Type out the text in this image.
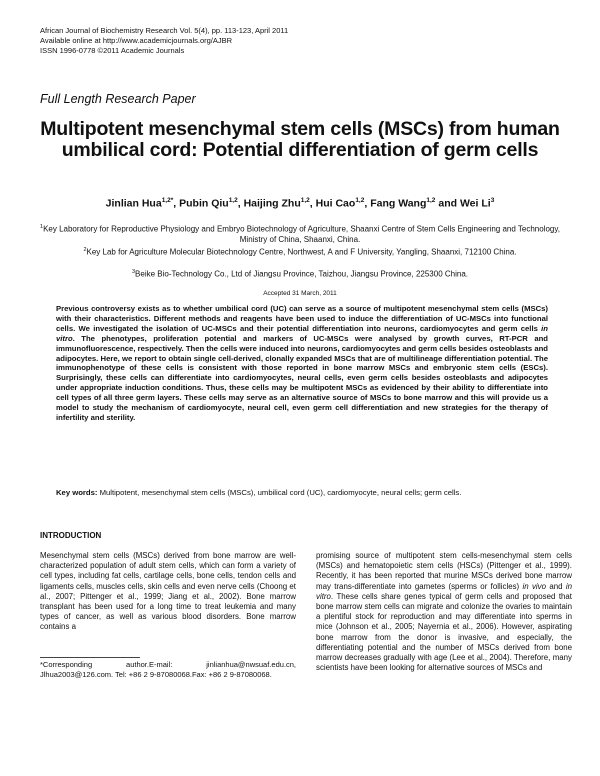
African Journal of Biochemistry Research Vol. 5(4), pp. 113-123, April 2011
Available online at http://www.academicjournals.org/AJBR
ISSN 1996-0778 ©2011 Academic Journals
Full Length Research Paper
Multipotent mesenchymal stem cells (MSCs) from human umbilical cord: Potential differentiation of germ cells
Jinlian Hua$^{1,2*}$, Pubin Qiu$^{1,2}$, Haijing Zhu$^{1,2}$, Hui Cao$^{1,2}$, Fang Wang$^{1,2}$ and Wei Li$^3$
$^1$Key Laboratory for Reproductive Physiology and Embryo Biotechnology of Agriculture, Shaanxi Centre of Stem Cells Engineering and Technology, Ministry of China, Shaanxi, China.
$^2$Key Lab for Agriculture Molecular Biotechnology Centre, Northwest, A and F University, Yangling, Shaanxi, 712100 China.
$^3$Beike Bio-Technology Co., Ltd of Jiangsu Province, Taizhou, Jiangsu Province, 225300 China.
Accepted 31 March, 2011
Previous controversy exists as to whether umbilical cord (UC) can serve as a source of multipotent mesenchymal stem cells (MSCs) with their characteristics. Different methods and reagents have been used to induce the differentiation of UC-MSCs into functional cells. We investigated the isolation of UC-MSCs and their potential differentiation into neurons, cardiomyocytes and germ cells in vitro. The phenotypes, proliferation potential and markers of UC-MSCs were analysed by growth curves, RT-PCR and immunofluorescence, respectively. Then the cells were induced into neurons, cardiomyocytes and germ cells besides osteoblasts and adipocytes. Here, we report to obtain single cell-derived, clonally expanded MSCs that are of multilineage differentiation potential. The immunophenotype of these cells is consistent with those reported in bone marrow MSCs and embryonic stem cells (ESCs). Surprisingly, these cells can differentiate into cardiomyocytes, neural cells, even germ cells besides osteoblasts and adipocytes under appropriate induction conditions. Thus, these cells may be multipotent MSCs as evidenced by their ability to differentiate into cell types of all three germ layers. These cells may serve as an alternative source of MSCs to bone marrow and this will provide us a model to study the mechanism of cardiomyocyte, neural cell, even germ cell differentiation and new strategies for the therapy of infertility and sterility.
Key words: Multipotent, mesenchymal stem cells (MSCs), umbilical cord (UC), cardiomyocyte, neural cells; germ cells.
INTRODUCTION
Mesenchymal stem cells (MSCs) derived from bone marrow are well-characterized population of adult stem cells, which can form a variety of cell types, including fat cells, cartilage cells, bone cells, tendon cells and ligaments cells, muscles cells, skin cells and even nerve cells (Choong et al., 2007; Pittenger et al., 1999; Jiang et al., 2002). Bone marrow transplant has been used for a long time to treat leukemia and many types of cancer, as well as various blood disorders. Bone marrow contains a
promising source of multipotent stem cells-mesenchymal stem cells (MSCs) and hematopoietic stem cells (HSCs) (Pittenger et al., 1999). Recently, it has been reported that murine MSCs derived bone marrow may trans-differentiate into gametes (sperms or follicles) in vivo and in vitro. These cells share genes typical of germ cells and proposed that bone marrow stem cells can migrate and colonize the ovaries to maintain a plentiful stock for reproduction and may differentiate into sperms in mice (Johnson et al., 2005; Nayernia et al., 2006). However, aspirating bone marrow from the donor is invasive, and especially, the differentiating potential and the number of MSCs derived from bone marrow decreases gradually with age (Lee et al., 2004). Therefore, many scientists have been looking for alternative sources of MSCs and
*Corresponding author.E-mail: jinlianhua@nwsuaf.edu.cn, Jlhua2003@126.com. Tel: +86 2 9-87080068.Fax: +86 2 9-87080068.
